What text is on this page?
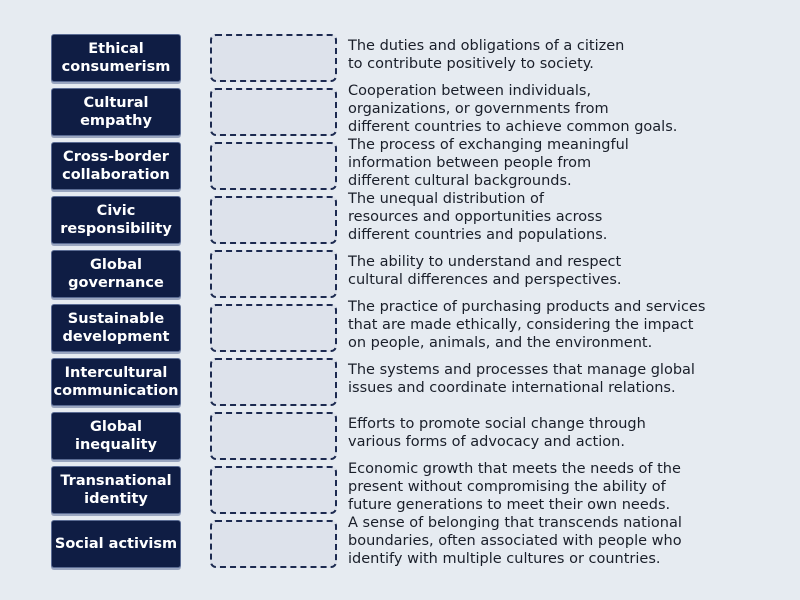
Ethical
consumerism
The duties and obligations of a citizen
to contribute positively to society.
Cultural
empathy
Cooperation between individuals,
organizations, or governments from
different countries to achieve common goals.
Cross-border
collaboration
The process of exchanging meaningful
information between people from
different cultural backgrounds.
Civic
responsibility
The unequal distribution of
resources and opportunities across
different countries and populations.
Global
governance
The ability to understand and respect
cultural differences and perspectives.
Sustainable
development
The practice of purchasing products and services
that are made ethically, considering the impact
on people, animals, and the environment.
Intercultural
communication
The systems and processes that manage global
issues and coordinate international relations.
Global
inequality
Efforts to promote social change through
various forms of advocacy and action.
Transnational
identity
Economic growth that meets the needs of the
present without compromising the ability of
future generations to meet their own needs.
Social activism
A sense of belonging that transcends national
boundaries, often associated with people who
identify with multiple cultures or countries.
